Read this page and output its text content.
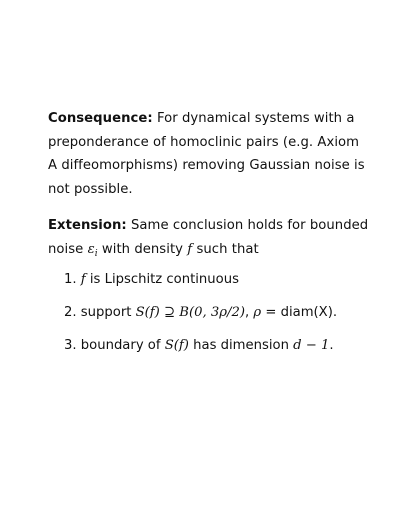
Consequence: For dynamical systems with a
preponderance of homoclinic pairs (e.g. Axiom
A diffeomorphisms) removing Gaussian noise is
not possible.
Extension: Same conclusion holds for bounded
noise $\varepsilon_i$ with density f such that
1. f is Lipschitz continuous
2. support S(f) ⊇ B(0, 3ρ/2), ρ = diam(X).
3. boundary of S(f) has dimension d − 1.
